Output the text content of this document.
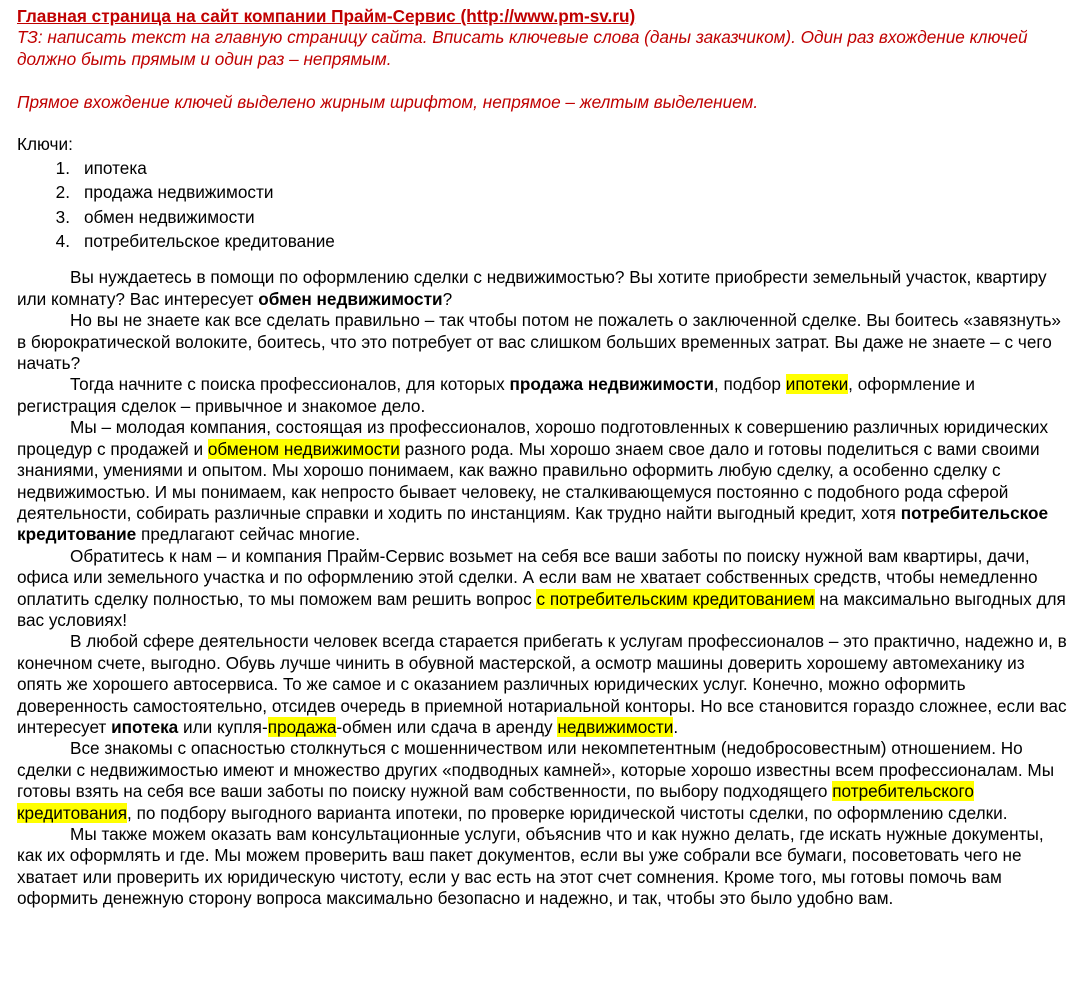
Главная страница на сайт компании Прайм-Сервис (http://www.pm-sv.ru)

ТЗ: написать текст на главную страницу сайта. Вписать ключевые слова (даны заказчиком). Один раз вхождение ключей должно быть прямым и один раз – непрямым.

Прямое вхождение ключей выделено жирным шрифтом, непрямое – желтым выделением.

Ключи:

1. ипотека
2. продажа недвижимости
3. обмен недвижимости
4. потребительское кредитование

Вы нуждаетесь в помощи по оформлению сделки с недвижимостью? Вы хотите приобрести земельный участок, квартиру или комнату? Вас интересует обмен недвижимости?

Но вы не знаете как все сделать правильно – так чтобы потом не пожалеть о заключенной сделке. Вы боитесь «завязнуть» в бюрократической волоките, боитесь, что это потребует от вас слишком больших временных затрат. Вы даже не знаете – с чего начать?

Тогда начните с поиска профессионалов, для которых продажа недвижимости, подбор ипотеки, оформление и регистрация сделок – привычное и знакомое дело.

Мы – молодая компания, состоящая из профессионалов, хорошо подготовленных к совершению различных юридических процедур с продажей и обменом недвижимости разного рода. Мы хорошо знаем свое дало и готовы поделиться с вами своими знаниями, умениями и опытом. Мы хорошо понимаем, как важно правильно оформить любую сделку, а особенно сделку с недвижимостью. И мы понимаем, как непросто бывает человеку, не сталкивающемуся постоянно с подобного рода сферой деятельности, собирать различные справки и ходить по инстанциям. Как трудно найти выгодный кредит, хотя потребительское кредитование предлагают сейчас многие.

Обратитесь к нам – и компания Прайм-Сервис возьмет на себя все ваши заботы по поиску нужной вам квартиры, дачи, офиса или земельного участка и по оформлению этой сделки. А если вам не хватает собственных средств, чтобы немедленно оплатить сделку полностью, то мы поможем вам решить вопрос с потребительским кредитованием на максимально выгодных для вас условиях!

В любой сфере деятельности человек всегда старается прибегать к услугам профессионалов – это практично, надежно и, в конечном счете, выгодно. Обувь лучше чинить в обувной мастерской, а осмотр машины доверить хорошему автомеханику из опять же хорошего автосервиса. То же самое и с оказанием различных юридических услуг. Конечно, можно оформить доверенность самостоятельно, отсидев очередь в приемной нотариальной конторы. Но все становится гораздо сложнее, если вас интересует ипотека или купля-продажа-обмен или сдача в аренду недвижимости.

Все знакомы с опасностью столкнуться с мошенничеством или некомпетентным (недобросовестным) отношением. Но сделки с недвижимостью имеют и множество других «подводных камней», которые хорошо известны всем профессионалам. Мы готовы взять на себя все ваши заботы по поиску нужной вам собственности, по выбору подходящего потребительского кредитования, по подбору выгодного варианта ипотеки, по проверке юридической чистоты сделки, по оформлению сделки.

Мы также можем оказать вам консультационные услуги, объяснив что и как нужно делать, где искать нужные документы, как их оформлять и где. Мы можем проверить ваш пакет документов, если вы уже собрали все бумаги, посоветовать чего не хватает или проверить их юридическую чистоту, если у вас есть на этот счет сомнения. Кроме того, мы готовы помочь вам оформить денежную сторону вопроса максимально безопасно и надежно, и так, чтобы это было удобно вам.
